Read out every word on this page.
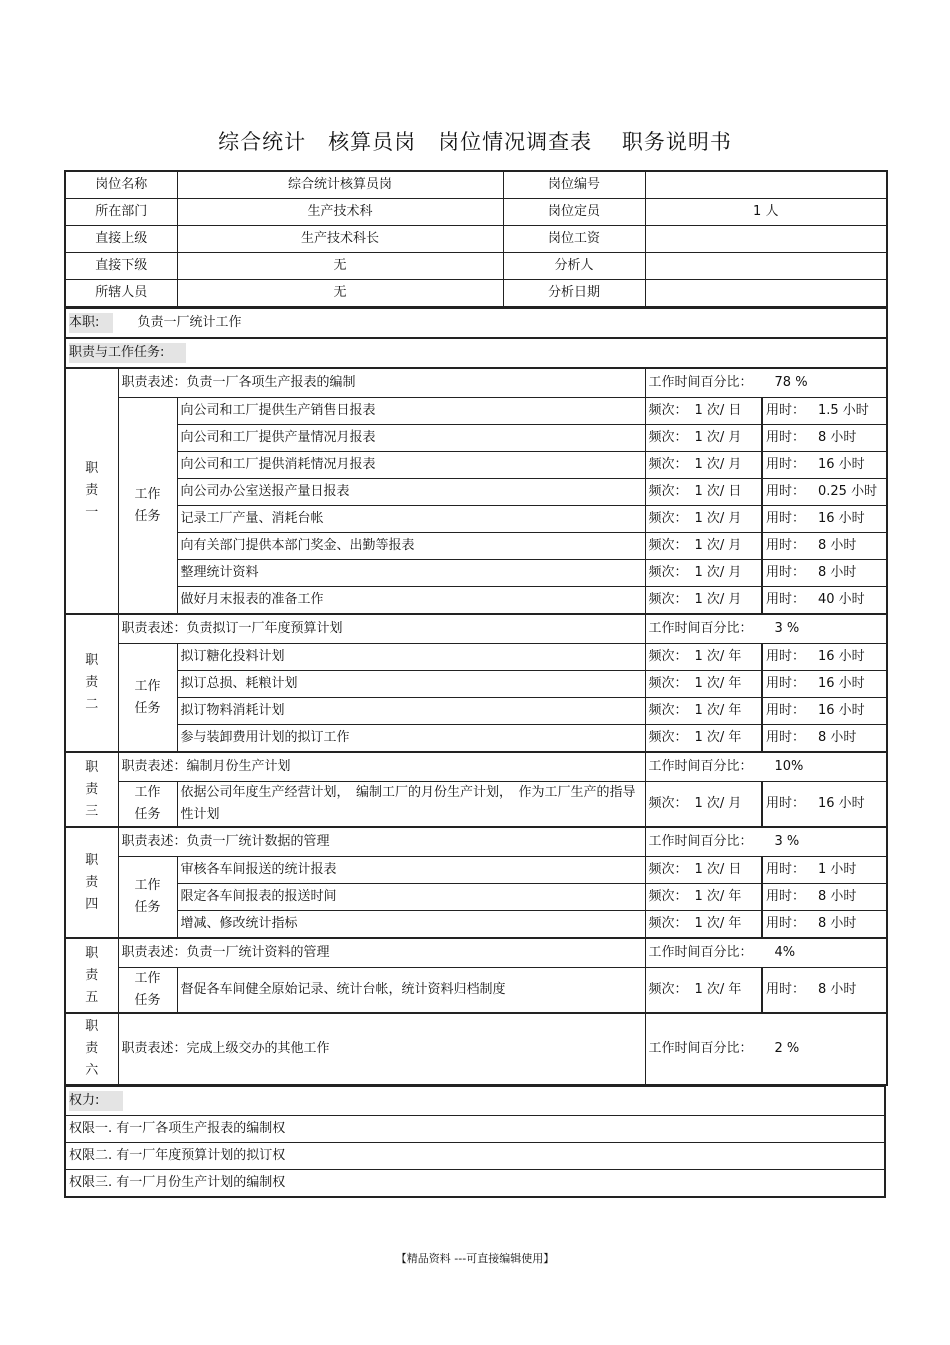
综合统计　核算员岗　岗位情况调查表　 职务说明书
岗位名称	综合统计核算员岗	岗位编号	
所在部门	生产技术科	岗位定员	1 人
直接上级	生产技术科长	岗位工资	
直接下级	无	分析人	
所辖人员	无	分析日期	
本职: 负责一厂统计工作				
职责与工作任务:				
职
责
一	职责表述：负责一厂各项生产报表的编制		工作时间百分比： 78 %	
	工作
任务	向公司和工厂提供生产销售日报表	频次： 1 次/ 日	用时： 1.5 小时
		向公司和工厂提供产量情况月报表	频次： 1 次/ 月	用时： 8 小时
		向公司和工厂提供消耗情况月报表	频次： 1 次/ 月	用时： 16 小时
		向公司办公室送报产量日报表	频次： 1 次/ 日	用时： 0.25 小时
		记录工厂产量、消耗台帐	频次： 1 次/ 月	用时： 16 小时
		向有关部门提供本部门奖金、出勤等报表	频次： 1 次/ 月	用时： 8 小时
		整理统计资料	频次： 1 次/ 月	用时： 8 小时
		做好月末报表的准备工作	频次： 1 次/ 月	用时： 40 小时
职
责
二	职责表述：负责拟订一厂年度预算计划		工作时间百分比： 3 %	
	工作
任务	拟订糖化投料计划	频次： 1 次/ 年	用时： 16 小时
		拟订总损、耗粮计划	频次： 1 次/ 年	用时： 16 小时
		拟订物料消耗计划	频次： 1 次/ 年	用时： 16 小时
		参与装卸费用计划的拟订工作	频次： 1 次/ 年	用时： 8 小时
职
责
三	职责表述：编制月份生产计划		工作时间百分比： 10%	
	工作
任务	依据公司年度生产经营计划，　编制工厂的月份生产计划，　作为工厂生产的指导性计划	频次： 1 次/ 月	用时： 16 小时
职
责
四	职责表述：负责一厂统计数据的管理		工作时间百分比： 3 %	
	工作
任务	审核各车间报送的统计报表	频次： 1 次/ 日	用时： 1 小时
		限定各车间报表的报送时间	频次： 1 次/ 年	用时： 8 小时
		增减、修改统计指标	频次： 1 次/ 年	用时： 8 小时
职
责
五	职责表述：负责一厂统计资料的管理		工作时间百分比： 4%	
	工作
任务	督促各车间健全原始记录、统计台帐，统计资料归档制度	频次： 1 次/ 年	用时： 8 小时
职
责
六	职责表述：完成上级交办的其他工作		工作时间百分比： 2 %	
权力:
权限一. 有一厂各项生产报表的编制权
权限二. 有一厂年度预算计划的拟订权
权限三. 有一厂月份生产计划的编制权
【精品资料 ---可直接编辑使用】
